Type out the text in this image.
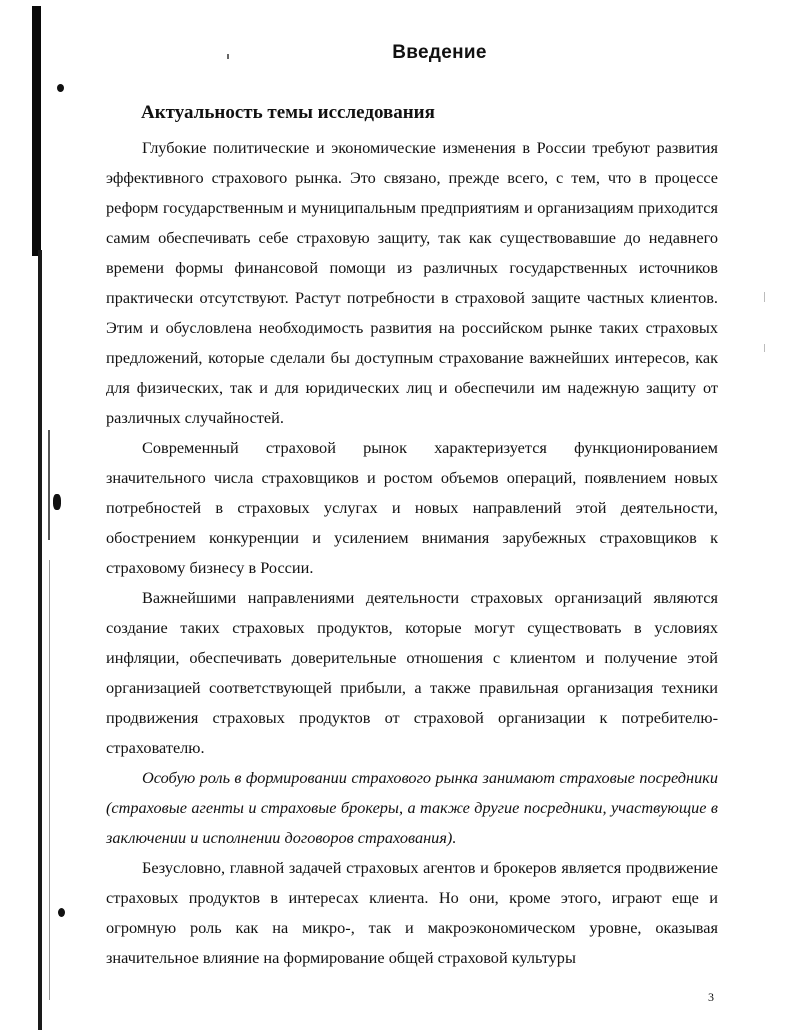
Введение
Актуальность темы исследования

Глубокие политические и экономические изменения в России требуют развития эффективного страхового рынка. Это связано, прежде всего, с тем, что в процессе реформ государственным и муниципальным предприятиям и организациям приходится самим обеспечивать себе страховую защиту, так как существовавшие до недавнего времени формы финансовой помощи из различных государственных источников практически отсутствуют. Растут потребности в страховой защите частных клиентов. Этим и обусловлена необходимость развития на российском рынке таких страховых предложений, которые сделали бы доступным страхование важнейших интересов, как для физических, так и для юридических лиц и обеспечили им надежную защиту от различных случайностей.

Современный страховой рынок характеризуется функционированием значительного числа страховщиков и ростом объемов операций, появлением новых потребностей в страховых услугах и новых направлений этой деятельности, обострением конкуренции и усилением внимания зарубежных страховщиков к страховому бизнесу в России.

Важнейшими направлениями деятельности страховых организаций являются создание таких страховых продуктов, которые могут существовать в условиях инфляции, обеспечивать доверительные отношения с клиентом и получение этой организацией соответствующей прибыли, а также правильная организация техники продвижения страховых продуктов от страховой организации к потребителю-страхователю.

Особую роль в формировании страхового рынка занимают страховые посредники (страховые агенты и страховые брокеры, а также другие посредники, участвующие в заключении и исполнении договоров страхования).

Безусловно, главной задачей страховых агентов и брокеров является продвижение страховых продуктов в интересах клиента. Но они, кроме этого, играют еще и огромную роль как на микро-, так и макроэкономическом уровне, оказывая значительное влияние на формирование общей страховой культуры

3
